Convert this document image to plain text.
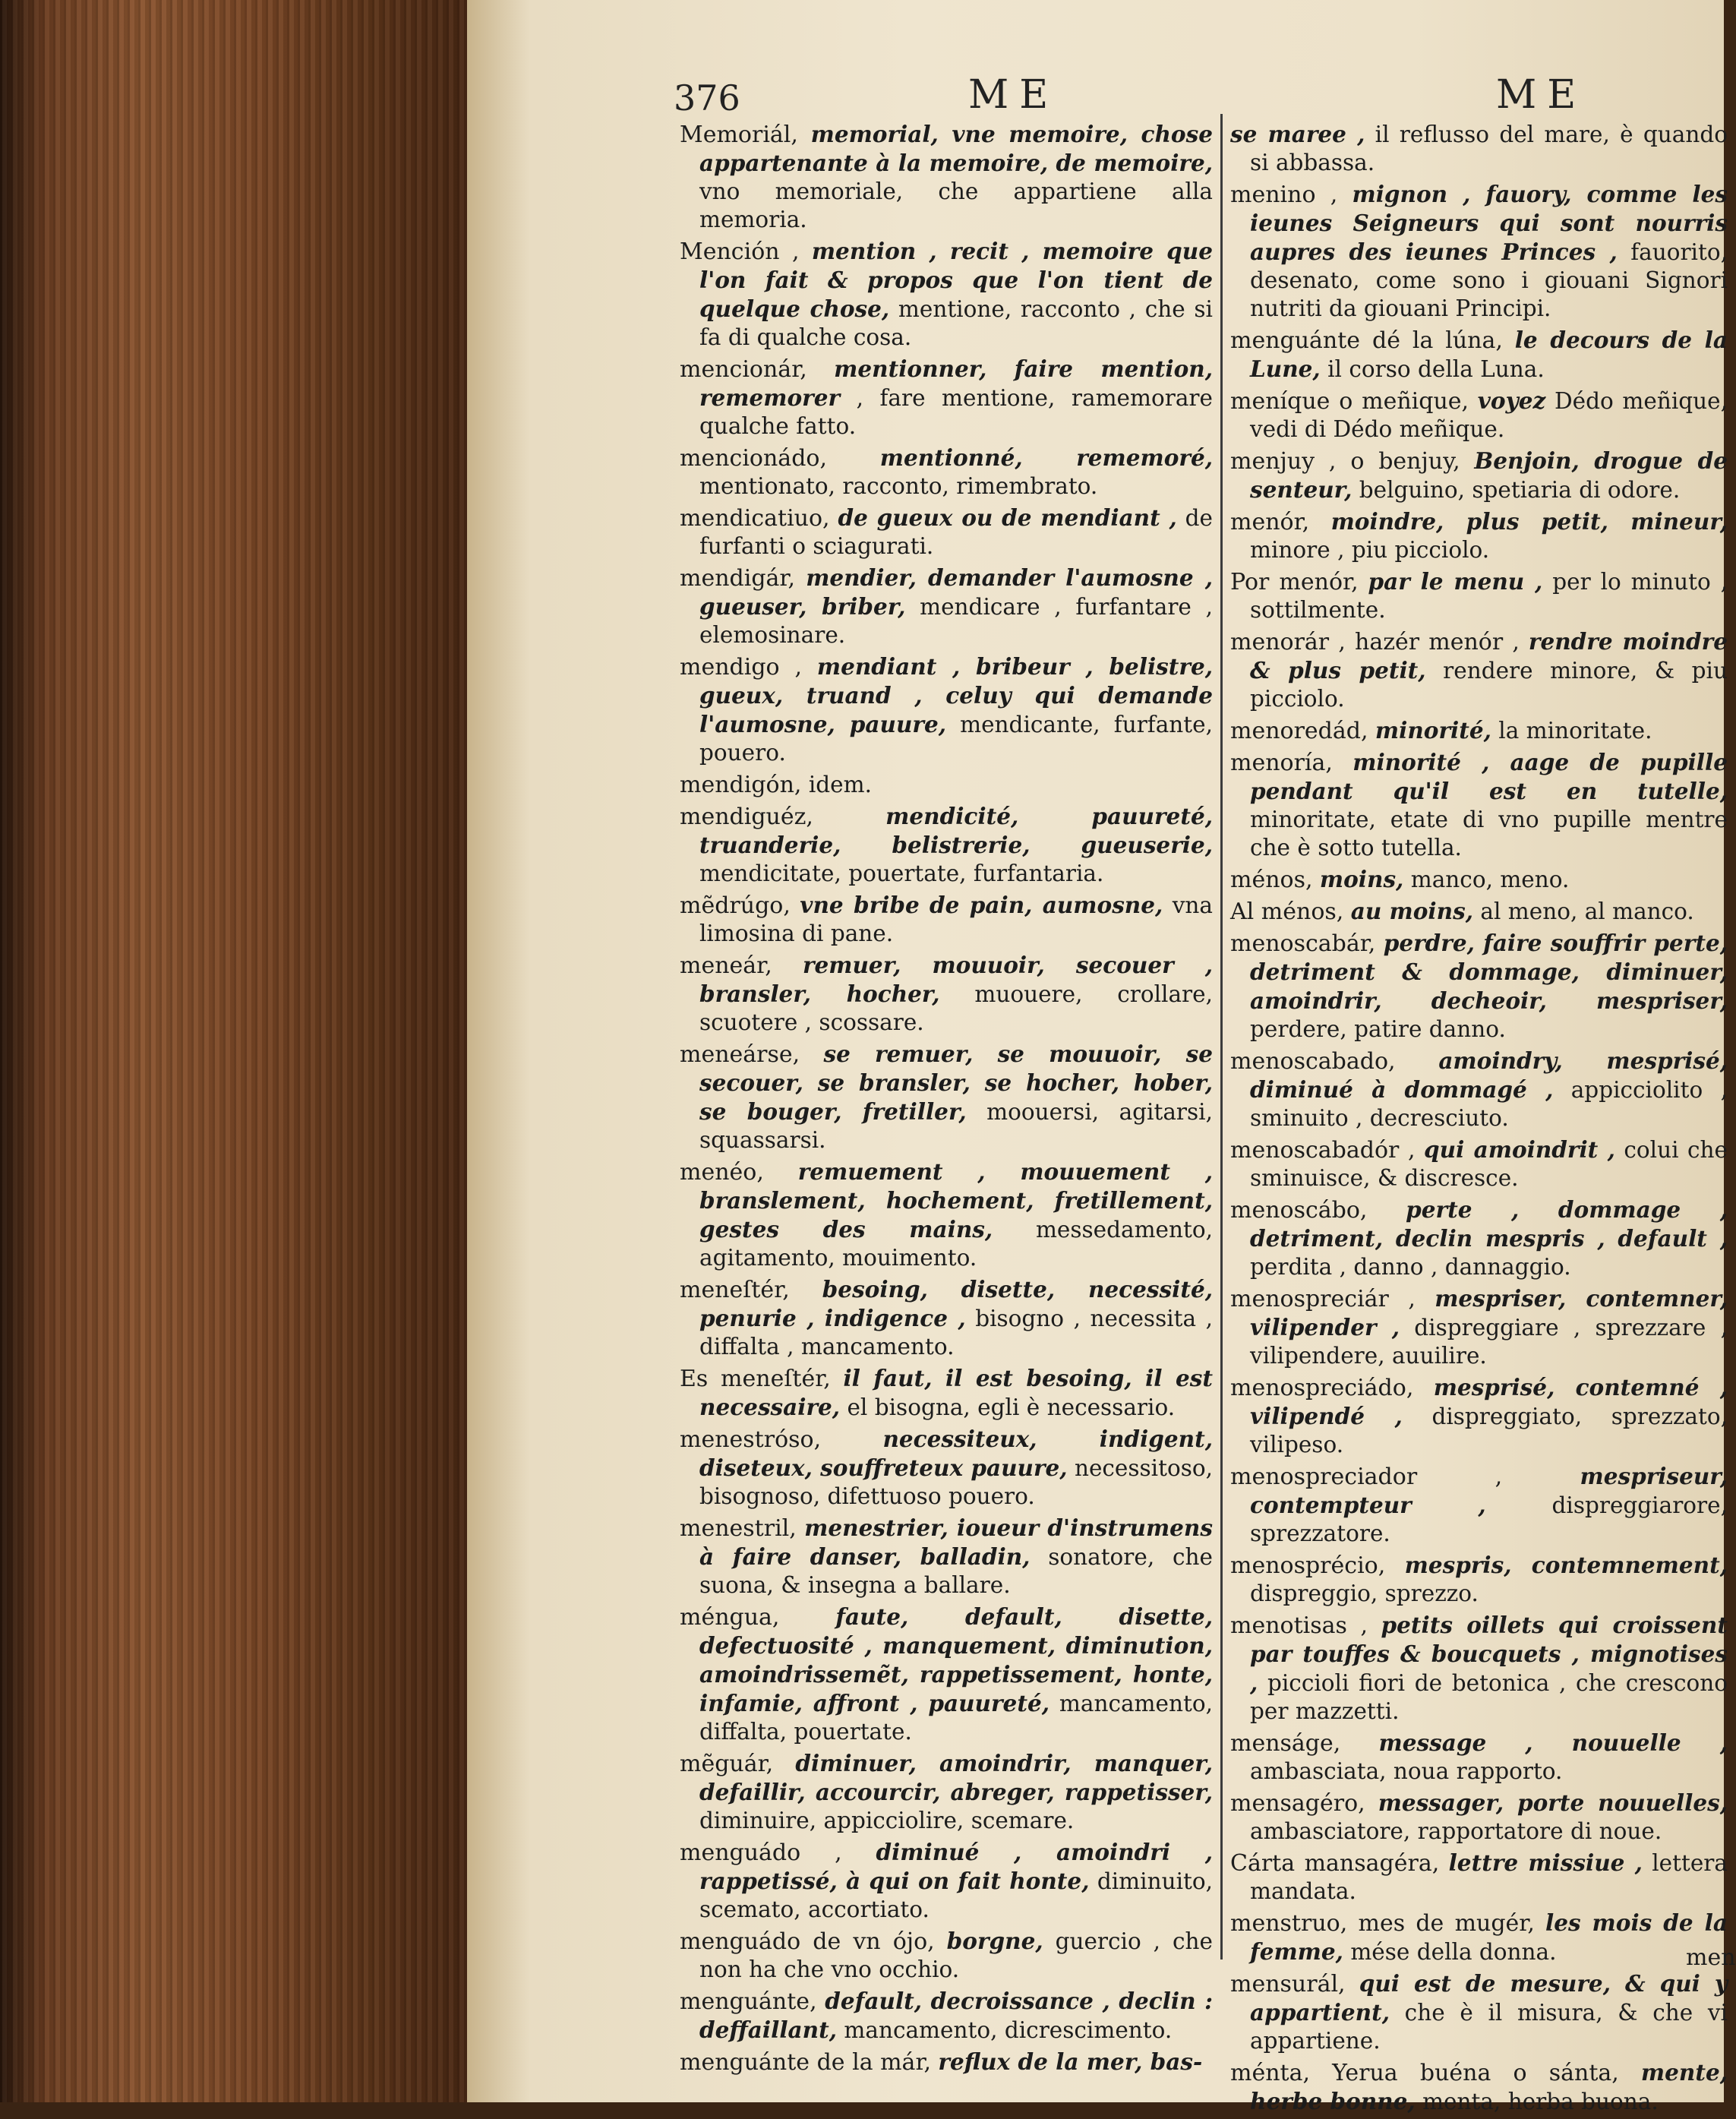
376	ME	ME

Memoriál, memorial, vne memoire, chose appartenante à la memoire, de memoire, vno memoriale, che appartiene alla memoria.

Mención , mention , recit , memoire que l'on fait & propos que l'on tient de quelque chose, mentione, racconto , che si fa di qualche cosa.

mencionár, mentionner, faire mention, rememorer , fare mentione, ramemorare qualche fatto.

mencionádo, mentionné, rememoré, mentionato, racconto, rimembrato.

mendicatiuo, de gueux ou de mendiant , de furfanti o sciagurati.

mendigár, mendier, demander l'aumosne , gueuser, briber, mendicare , furfantare , elemosinare.

mendigo , mendiant , bribeur , belistre, gueux, truand , celuy qui demande l'aumosne, pauure, mendicante, furfante, pouero.

mendigón, idem.

mendiguéz,	mendicité, pauureté, truanderie, belistrerie, gueuserie, mendicitate, pouertate, furfantaria.

mẽdrúgo, vne bribe de pain, aumosne, vna limosina di pane.

meneár, remuer, mouuoir, secouer , bransler, hocher, muouere, crollare, scuotere , scossare.

meneárse, se remuer, se mouuoir, se secouer, se bransler, se hocher, hober, se bouger, fretiller, moouersi, agitarsi, squassarsi.

menéo, remuement , mouuement , branslement, hochement, fretillement, gestes des mains, messedamento, agitamento, mouimento.

meneſtér, besoing, disette, necessité, penurie , indigence , bisogno , necessita , diffalta , mancamento.

Es meneſtér, il faut, il est besoing, il est necessaire, el bisogna, egli è necessario.

menestróso,	necessiteux, indigent, diseteux, souffreteux pauure, necessitoso, bisognoso, difettuoso pouero.

menestril, menestrier, ioueur d'instrumens à faire danser, balladin, sonatore, che suona, & insegna a ballare.

méngua,	faute, default, disette, defectuosité , manquement, diminution, amoindrissemẽt, rappetissement, honte, infamie, affront , pauureté, mancamento, diffalta, pouertate.

mẽguár, diminuer, amoindrir, manquer, defaillir, accourcir, abreger, rappetisser, diminuire, appicciolire, scemare.

menguádo , diminué , amoindri , rappetissé, à qui on fait honte, diminuito, scemato, accortiato.

menguádo de vn ójo, borgne, guercio , che non ha che vno occhio.

menguánte, default, decroissance , declin : deffaillant, mancamento, dicrescimento.

menguánte de la már, reflux de la mer, bas-

se maree , il reflusso del mare, è quando si abbassa.

menino , mignon , fauory, comme les ieunes Seigneurs qui sont nourris aupres des ieunes Princes , fauorito, desenato, come sono i giouani Signori nutriti da giouani Principi.

menguánte dé la lúna, le decours de la Lune, il corso della Luna.

meníque o meñique, voyez Dédo meñique, vedi di Dédo meñique.

menjuy , o benjuy, Benjoin, drogue de senteur, belguino, spetiaria di odore.

menór, moindre, plus petit, mineur, minore , piu picciolo.

Por menór, par le menu , per lo minuto , sottilmente.

menorár , hazér menór , rendre moindre & plus petit, rendere minore, & piu picciolo.

menoredád, minorité, la minoritate.

menoría, minorité , aage de pupille pendant qu'il est en tutelle, minoritate, etate di vno pupille mentre che è sotto tutella.

ménos, moins, manco, meno.

Al ménos, au moins, al meno, al manco.

menoscabár, perdre, faire souffrir perte, detriment & dommage, diminuer, amoindrir, decheoir, mespriser, perdere, patire danno.

menoscabado, amoindry, mesprisé, diminué à dommagé , appicciolito , sminuito , decresciuto.

menoscabadór , qui amoindrit , colui che sminuisce, & discresce.

menoscábo, perte , dommage , detriment, declin mespris , default , perdita , danno , dannaggio.

menospreciár , mespriser, contemner, vilipender , dispreggiare , sprezzare , vilipendere, auuilire.

menospreciádo, mesprisé, contemné , vilipendé , dispreggiato, sprezzato, vilipeso.

menospreciador ,	mespriseur, contempteur ,	dispreggiarore, sprezzatore.

menosprécio, mespris, contemnement, dispreggio, sprezzo.

menotisas , petits oillets qui croissent par touffes & boucquets , mignotises , piccioli fiori de betonica , che crescono per mazzetti.

menságe, message , nouuelle , ambasciata, noua rapporto.

mensagéro, messager, porte nouuelles, ambasciatore, rapportatore di noue.

Cárta mansagéra, lettre missiue , lettera mandata.

menstruo, mes de mugér, les mois de la femme, mése della donna.

mensurál, qui est de mesure, & qui y appartient, che è il misura, & che vi appartiene.

ménta, Yerua buéna o sánta, mente, herbe bonne, menta, herba buona.

men
